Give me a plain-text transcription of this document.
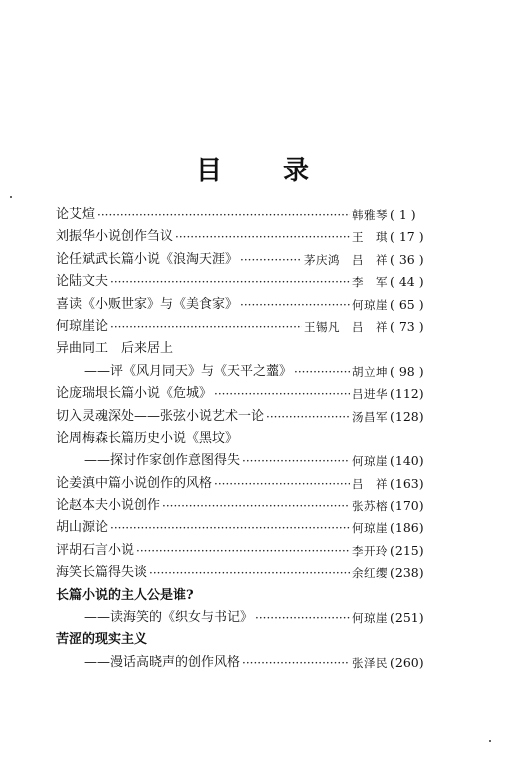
目 录
论艾煊 ·····	韩雅琴 ( 1 )
刘振华小说创作刍议 ·····	王　琪 ( 17 )
论任斌武长篇小说《浪淘天涯》 ·····	茅庆鸿　吕　祥 ( 36 )
论陆文夫 ·····	李　军 ( 44 )
喜读《小贩世家》与《美食家》 ·····	何琼崖 ( 65 )
何琼崖论 ·····	王锡凡　吕　祥 ( 73 )
异曲同工　后来居上
——评《风月同天》与《天平之虀》 ·····	胡立坤 ( 98 )
论庞瑞垠长篇小说《危城》 ·····	吕进华 (112)
切入灵魂深处——张弦小说艺术一论 ·····	汤昌军 (128)
论周梅森长篇历史小说《黑坟》
——探讨作家创作意图得失 ·····	何琼崖 (140)
论姜滇中篇小说创作的风格 ·····	吕　祥 (163)
论赵本夫小说创作 ·····	张苏榕 (170)
胡山源论 ·····	何琼崖 (186)
评胡石言小说 ·····	李开玲 (215)
海笑长篇得失谈 ·····	余红缨 (238)
长篇小说的主人公是谁?
——读海笑的《织女与书记》 ·····	何琼崖 (251)
苦涩的现实主义
——漫话高晓声的创作风格 ·····	张泽民 (260)
